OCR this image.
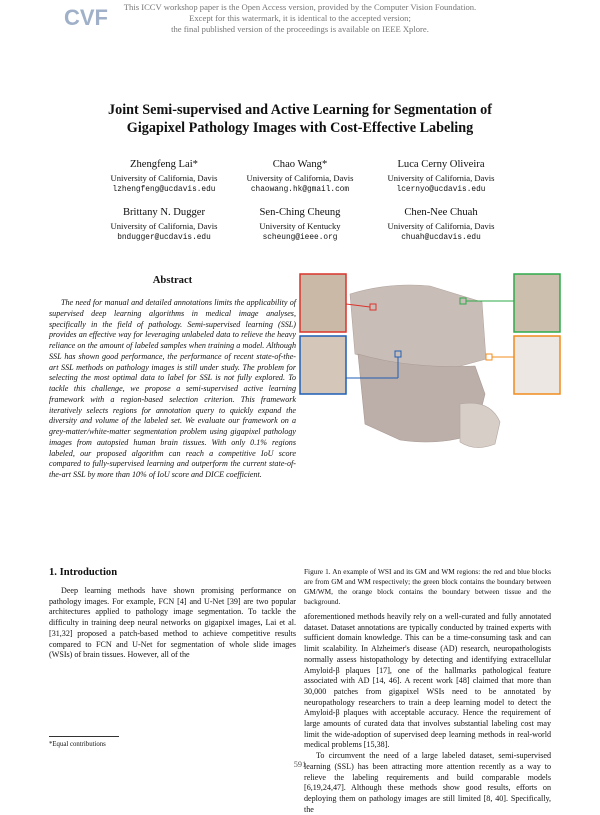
CVF	This ICCV workshop paper is the Open Access version, provided by the Computer Vision Foundation.
Except for this watermark, it is identical to the accepted version;
the final published version of the proceedings is available on IEEE Xplore.
Joint Semi-supervised and Active Learning for Segmentation of
Gigapixel Pathology Images with Cost-Effective Labeling
Zhengfeng Lai*
University of California, Davis
lzhengfeng@ucdavis.edu
Chao Wang*
University of California, Davis
chaowang.hk@gmail.com
Luca Cerny Oliveira
University of California, Davis
lcernyo@ucdavis.edu
Brittany N. Dugger
University of California, Davis
bndugger@ucdavis.edu
Sen-Ching Cheung
University of Kentucky
scheung@ieee.org
Chen-Nee Chuah
University of California, Davis
chuah@ucdavis.edu
Abstract

The need for manual and detailed annotations limits the applicability of supervised deep learning algorithms in medical image analyses, specifically in the field of pathology. Semi-supervised learning (SSL) provides an effective way for leveraging unlabeled data to relieve the heavy reliance on the amount of labeled samples when training a model. Although SSL has shown good performance, the performance of recent state-of-the-art SSL methods on pathology images is still under study. The problem for selecting the most optimal data to label for SSL is not fully explored. To tackle this challenge, we propose a semi-supervised active learning framework with a region-based selection criterion. This framework iteratively selects regions for annotation query to quickly expand the diversity and volume of the labeled set. We evaluate our framework on a grey-matter/white-matter segmentation problem using gigapixel pathology images from autopsied human brain tissues. With only 0.1% regions labeled, our proposed algorithm can reach a competitive IoU score compared to fully-supervised learning and outperform the current state-of-the-art SSL by more than 10% of IoU score and DICE coefficient.

1. Introduction

Deep learning methods have shown promising performance on pathology images. For example, FCN [4] and U-Net [39] are two popular architectures applied to pathology image segmentation. To tackle the difficulty in training deep neural networks on gigapixel images, Lai et al. [31,32] proposed a patch-based method to achieve competitive results compared to FCN and U-Net for segmentation of whole slide images (WSIs) of brain tissues. However, all of the

*Equal contributions
Figure 1. An example of WSI and its GM and WM regions: the red and blue blocks are from GM and WM respectively; the green block contains the boundary between GM/WM, the orange block contains the boundary between tissue and the background.

aforementioned methods heavily rely on a well-curated and fully annotated dataset. Dataset annotations are typically conducted by trained experts with sufficient domain knowledge. This can be a time-consuming task and can limit scalability. In Alzheimer's disease (AD) research, neuropathologists normally assess histopathology by detecting and identifying extracellular Amyloid-β plaques [17], one of the hallmarks pathological feature associated with AD [14, 46]. A recent work [48] claimed that more than 30,000 patches from gigapixel WSIs need to be annotated by neuropathology researchers to train a deep learning model to detect the Amyloid-β plaques with acceptable accuracy. Hence the requirement of large amounts of curated data that involves substantial labeling cost may limit the wide-adoption of supervised deep learning methods in real-world medical problems [15,38].

To circumvent the need of a large labeled dataset, semi-supervised learning (SSL) has been attracting more attention recently as a way to relieve the labeling requirements and build comparable models [6,19,24,47]. Although these methods show good results, efforts on deploying them on pathology images are still limited [8, 40]. Specifically, the

591
